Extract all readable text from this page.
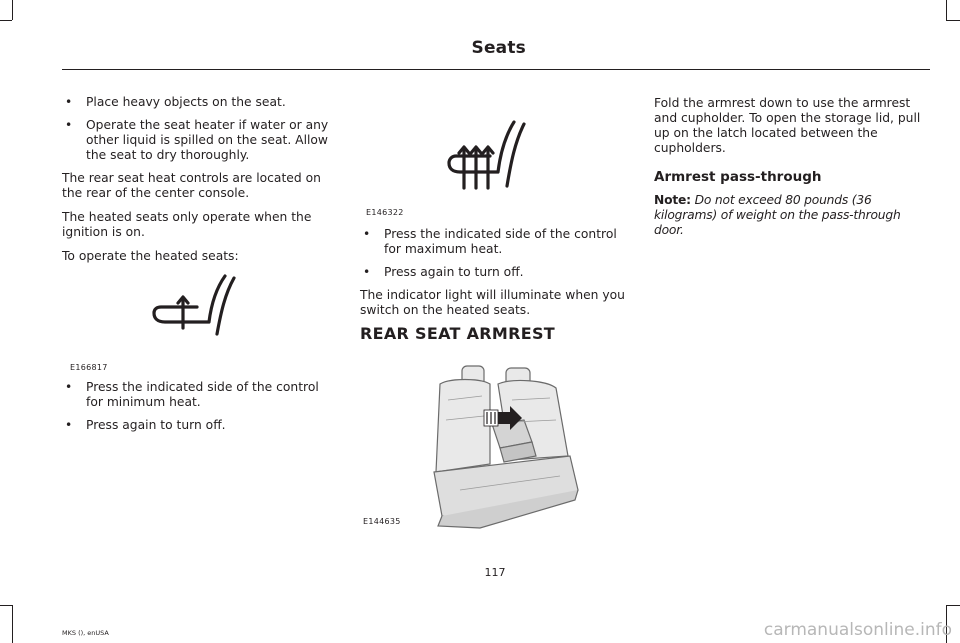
Seats
• Place heavy objects on the seat.
• Operate the seat heater if water or any other liquid is spilled on the seat. Allow the seat to dry thoroughly.

The rear seat heat controls are located on the rear of the center console.

The heated seats only operate when the ignition is on.

To operate the heated seats:

E166817
• Press the indicated side of the control for minimum heat.
• Press again to turn off.
E146322
• Press the indicated side of the control for maximum heat.
• Press again to turn off.

The indicator light will illuminate when you switch on the heated seats.

REAR SEAT ARMREST
E144635

Fold the armrest down to use the armrest and cupholder. To open the storage lid, pull up on the latch located between the cupholders.

Armrest pass-through

Note: Do not exceed 80 pounds (36 kilograms) of weight on the pass-through door.

117
MKS (), enUSA	carmanualsonline.info
